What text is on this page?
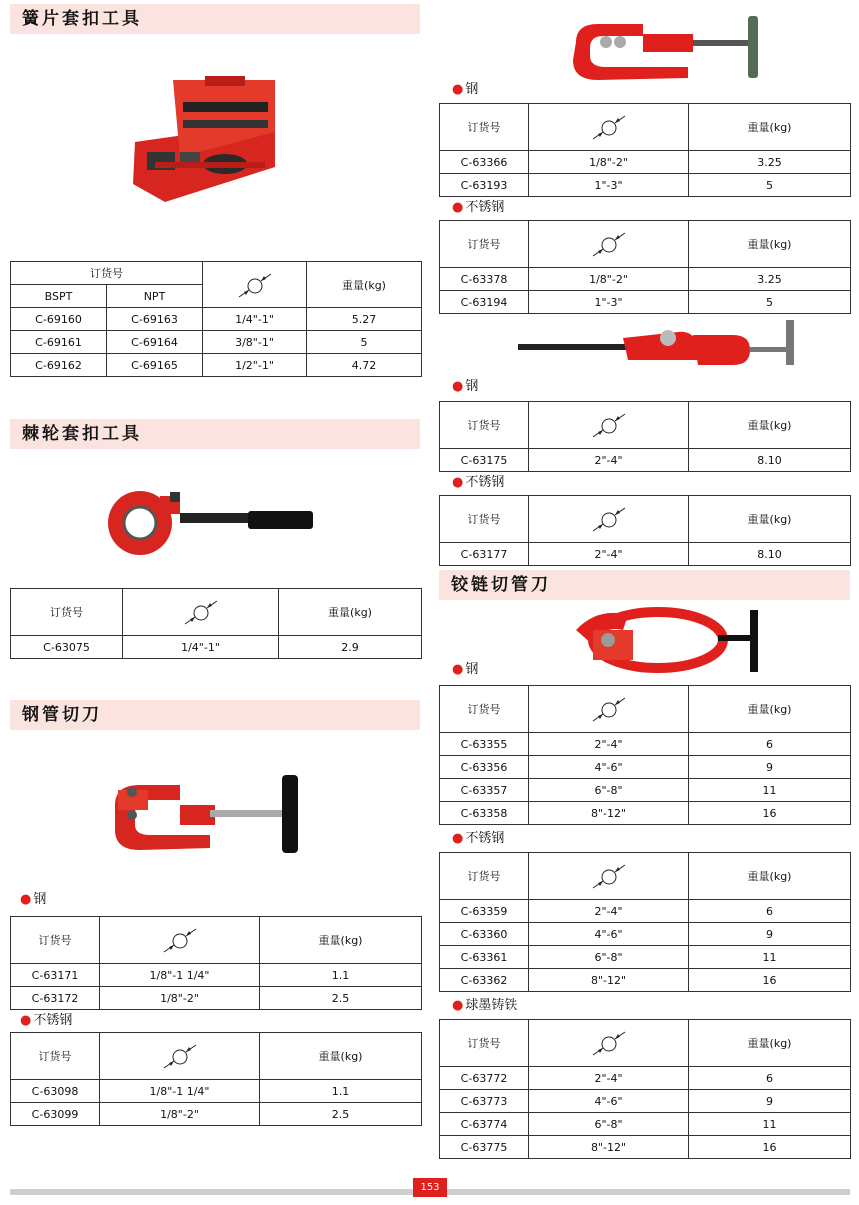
簧片套扣工具
订货号			重量(kg)
BSPT	NPT		
C-69160	C-69163	1/4"-1"	5.27
C-69161	C-69164	3/8"-1"	5
C-69162	C-69165	1/2"-1"	4.72
棘轮套扣工具
订货号		重量(kg)
C-63075	1/4"-1"	2.9
钢管切刀
● 钢
订货号		重量(kg)
C-63171	1/8"-1 1/4"	1.1
C-63172	1/8"-2"	2.5
● 不锈钢
订货号		重量(kg)
C-63098	1/8"-1 1/4"	1.1
C-63099	1/8"-2"	2.5
● 钢
订货号		重量(kg)
C-63366	1/8"-2"	3.25
C-63193	1"-3"	5
● 不锈钢
订货号		重量(kg)
C-63378	1/8"-2"	3.25
C-63194	1"-3"	5
● 钢
订货号		重量(kg)
C-63175	2"-4"	8.10
● 不锈钢
订货号		重量(kg)
C-63177	2"-4"	8.10
铰链切管刀
● 钢
订货号		重量(kg)
C-63355	2"-4"	6
C-63356	4"-6"	9
C-63357	6"-8"	11
C-63358	8"-12"	16
● 不锈钢
订货号		重量(kg)
C-63359	2"-4"	6
C-63360	4"-6"	9
C-63361	6"-8"	11
C-63362	8"-12"	16
● 球墨铸铁
订货号		重量(kg)
C-63772	2"-4"	6
C-63773	4"-6"	9
C-63774	6"-8"	11
C-63775	8"-12"	16
153
